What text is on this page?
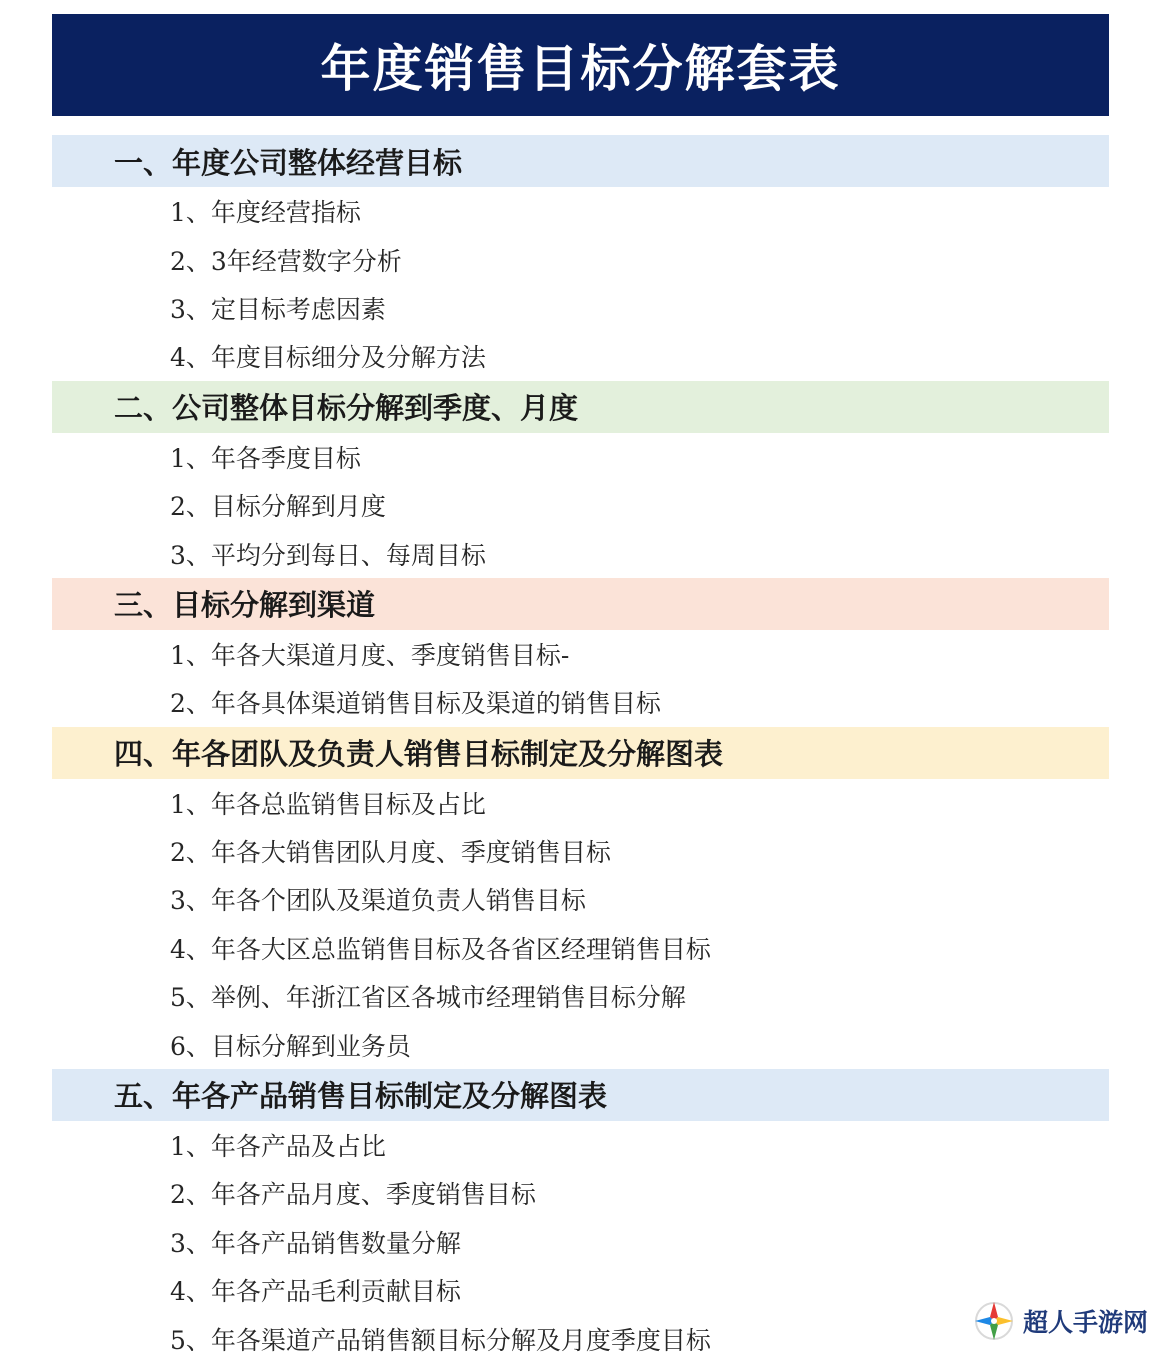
年度销售目标分解套表
一、年度公司整体经营目标
1、年度经营指标
2、3年经营数字分析
3、定目标考虑因素
4、年度目标细分及分解方法
二、公司整体目标分解到季度、月度
1、年各季度目标
2、目标分解到月度
3、平均分到每日、每周目标
三、目标分解到渠道
1、年各大渠道月度、季度销售目标-
2、年各具体渠道销售目标及渠道的销售目标
四、年各团队及负责人销售目标制定及分解图表
1、年各总监销售目标及占比
2、年各大销售团队月度、季度销售目标
3、年各个团队及渠道负责人销售目标
4、年各大区总监销售目标及各省区经理销售目标
5、举例、年浙江省区各城市经理销售目标分解
6、目标分解到业务员
五、年各产品销售目标制定及分解图表
1、年各产品及占比
2、年各产品月度、季度销售目标
3、年各产品销售数量分解
4、年各产品毛利贡献目标
5、年各渠道产品销售额目标分解及月度季度目标
超人手游网
